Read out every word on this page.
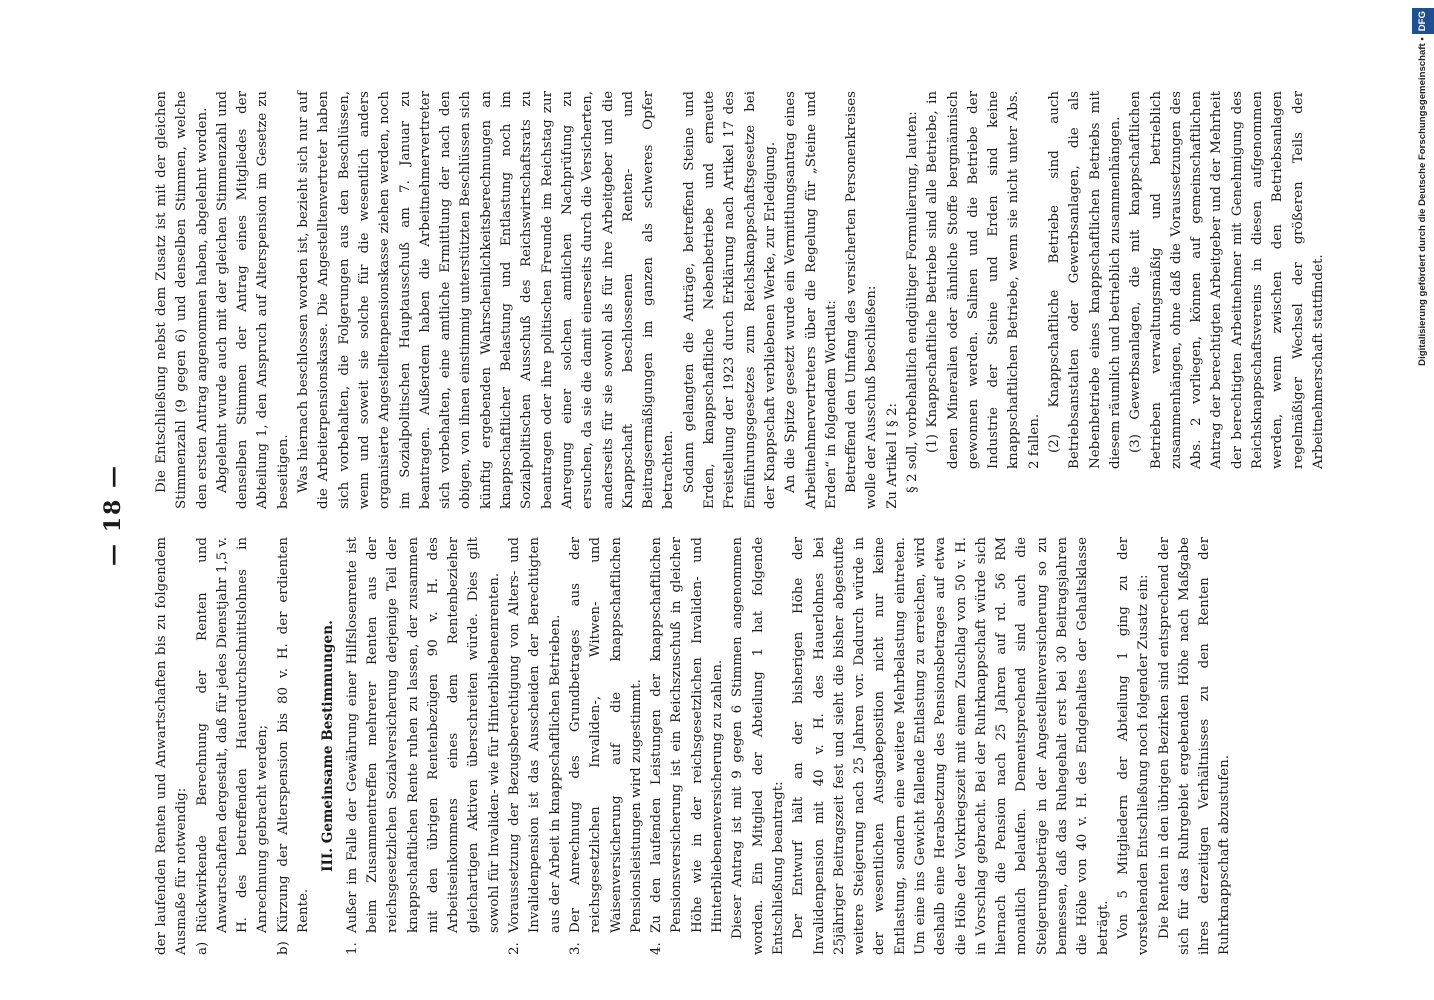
— 18 —

der laufenden Renten und Anwartschaften bis zu folgendem Ausmaße für notwendig: a)
Rückwirkende Berechnung der Renten und Anwartschaften dergestalt, daß für jedes Dienstjahr 1,5 v. H. des betreffenden Hauerdurchschnittslohnes in Anrechnung gebracht werden;
b)
Kürzung der Alterspension bis 80 v. H. der erdienten Rente.
III. Gemeinsame Bestimmungen.
1.
Außer im Falle der Gewährung einer Hilfslosenrente ist beim Zusammentreffen mehrerer Renten aus der reichsgesetzlichen Sozialversicherung derjenige Teil der knappschaftlichen Rente ruhen zu lassen, der zusammen mit den übrigen Rentenbezügen 90 v. H. des Arbeitseinkommens eines dem Rentenbezieher gleichartigen Aktiven überschreiten würde. Dies gilt sowohl für Invaliden- wie für Hinterbliebenenrenten.
2.
Voraussetzung der Bezugsberechtigung von Alters- und Invalidenpension ist das Ausscheiden der Berechtigten aus der Arbeit in knappschaftlichen Betrieben.
3.
Der Anrechnung des Grundbetrages aus der reichsgesetzlichen Invaliden-, Witwen- und Waisenversicherung auf die knappschaftlichen Pensionsleistungen wird zugestimmt.
4.
Zu den laufenden Leistungen der knappschaftlichen Pensionsversicherung ist ein Reichszuschuß in gleicher Höhe wie in der reichsgesetzlichen Invaliden- und Hinterbliebenenversicherung zu zahlen. Dieser Antrag ist mit 9 gegen 6 Stimmen angenommen worden. Ein Mitglied der Abteilung 1 hat folgende Entschließung beantragt: Der Entwurf hält an der bisherigen Höhe der Invalidenpension mit 40 v. H. des Hauerlohnes bei 25jähriger Beitragszeit fest und sieht die bisher abgestufte weitere Steigerung nach 25 Jahren vor. Dadurch würde in der wesentlichen Ausgabeposition nicht nur keine Entlastung, sondern eine weitere Mehrbelastung eintreten. Um eine ins Gewicht fallende Entlastung zu erreichen, wird deshalb eine Herabsetzung des Pensionsbetrages auf etwa die Höhe der Vorkriegszeit mit einem Zuschlag von 50 v. H. in Vorschlag gebracht. Bei der Ruhrknappschaft würde sich hiernach die Pension nach 25 Jahren auf rd. 56 RM monatlich belaufen. Dementsprechend sind auch die Steigerungsbeträge in der Angestelltenversicherung so zu bemessen, daß das Ruhegehalt erst bei 30 Beitragsjahren die Höhe von 40 v. H. des Endgehaltes der Gehaltsklasse beträgt. Von 5 Mitgliedern der Abteilung 1 ging zu der vorstehenden Entschließung noch folgender Zusatz ein: Die Renten in den übrigen Bezirken sind entsprechend der sich für das Ruhrgebiet ergebenden Höhe nach Maßgabe ihres derzeitigen Verhältnisses zu den Renten der Ruhrknappschaft abzustufen.

Die Entschließung nebst dem Zusatz ist mit der gleichen Stimmenzahl (9 gegen 6) und denselben Stimmen, welche den ersten Antrag angenommen haben, abgelehnt worden. Abgelehnt wurde auch mit der gleichen Stimmenzahl und denselben Stimmen der Antrag eines Mitgliedes der Abteilung 1, den Anspruch auf Alterspension im Gesetze zu beseitigen. Was hiernach beschlossen worden ist, bezieht sich nur auf die Arbeiterpensionskasse. Die Angestelltenvertreter haben sich vorbehalten, die Folgerungen aus den Beschlüssen, wenn und soweit sie solche für die wesentlich anders organisierte Angestelltenpensionskasse ziehen werden, noch im Sozialpolitischen Hauptausschuß am 7. Januar zu beantragen. Außerdem haben die Arbeitnehmervertreter sich vorbehalten, eine amtliche Ermittlung der nach den obigen, von ihnen einstimmig unterstützten Beschlüssen sich künftig ergebenden Wahrscheinlichkeitsberechnungen an knappschaftlicher Belastung und Entlastung noch im Sozialpolitischen Ausschuß des Reichswirtschaftsrats zu beantragen oder ihre politischen Freunde im Reichstag zur Anregung einer solchen amtlichen Nachprüfung zu ersuchen, da sie die damit einerseits durch die Versicherten, anderseits für sie sowohl als für ihre Arbeitgeber und die Knappschaft beschlossenen Renten- und Beitragsermäßigungen im ganzen als schweres Opfer betrachten. Sodann gelangten die Anträge, betreffend Steine und Erden, knappschaftliche Nebenbetriebe und erneute Freistellung der 1923 durch Erklärung nach Artikel 17 des Einführungsgesetzes zum Reichsknappschaftsgesetze bei der Knappschaft verbliebenen Werke, zur Erledigung. An die Spitze gesetzt wurde ein Vermittlungsantrag eines Arbeitnehmervertreters über die Regelung für „Steine und Erden“ in folgendem Wortlaut: Betreffend den Umfang des versicherten Personenkreises wolle der Ausschuß beschließen: Zu Artikel I § 2: § 2 soll, vorbehaltlich endgültiger Formulierung, lauten: (1) Knappschaftliche Betriebe sind alle Betriebe, in denen Mineralien oder ähnliche Stoffe bergmännisch gewonnen werden. Salinen und die Betriebe der Industrie der Steine und Erden sind keine knappschaftlichen Betriebe, wenn sie nicht unter Abs. 2 fallen. (2) Knappschaftliche Betriebe sind auch Betriebsanstalten oder Gewerbsanlagen, die als Nebenbetriebe eines knappschaftlichen Betriebs mit diesem räumlich und betrieblich zusammenhängen. (3) Gewerbsanlagen, die mit knappschaftlichen Betrieben verwaltungsmäßig und betrieblich zusammenhängen, ohne daß die Voraussetzungen des Abs. 2 vorliegen, können auf gemeinschaftlichen Antrag der berechtigten Arbeitgeber und der Mehrheit der berechtigten Arbeitnehmer mit Genehmigung des Reichsknappschaftsvereins in diesen aufgenommen werden, wenn zwischen den Betriebsanlagen regelmäßiger Wechsel der größeren Teils der Arbeitnehmerschaft stattfindet.	Digitalisierung gefördert durch die Deutsche Forschungsgemeinschaft •DFG
